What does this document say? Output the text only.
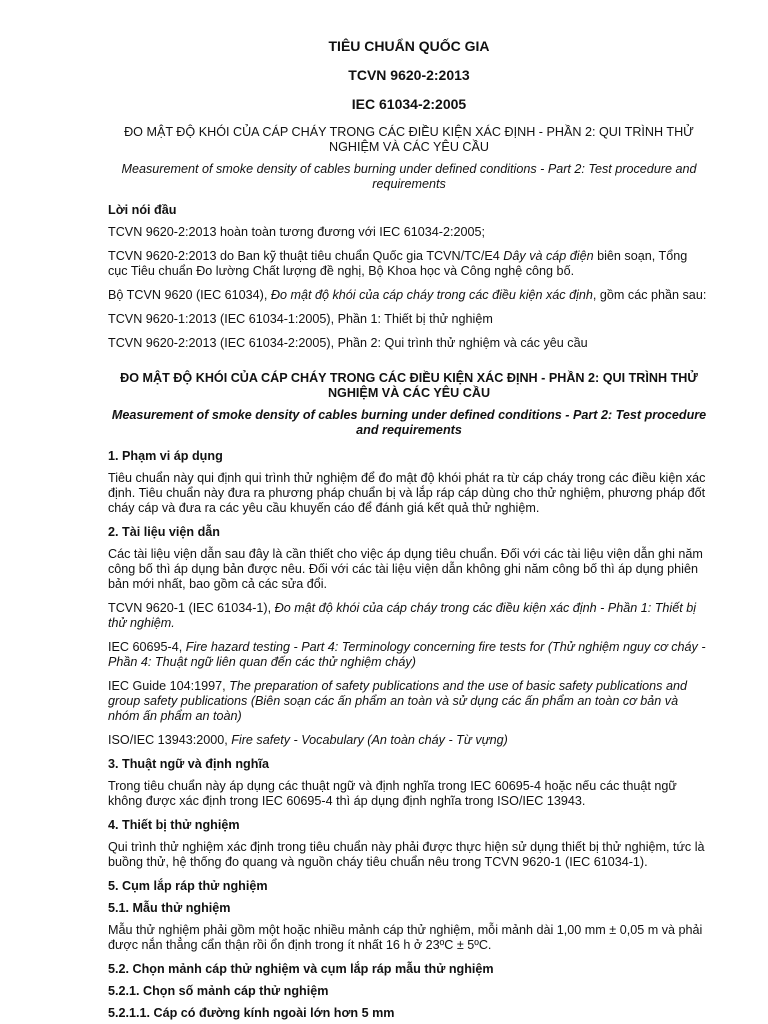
TIÊU CHUẨN QUỐC GIA
TCVN 9620-2:2013
IEC 61034-2:2005
ĐO MẬT ĐỘ KHÓI CỦA CÁP CHÁY TRONG CÁC ĐIỀU KIỆN XÁC ĐỊNH - PHẦN 2: QUI TRÌNH THỬ NGHIỆM VÀ CÁC YÊU CẦU
Measurement of smoke density of cables burning under defined conditions - Part 2: Test procedure and requirements
Lời nói đầu

TCVN 9620-2:2013 hoàn toàn tương đương với IEC 61034-2:2005;

TCVN 9620-2:2013 do Ban kỹ thuật tiêu chuẩn Quốc gia TCVN/TC/E4 Dây và cáp điện biên soạn, Tổng cục Tiêu chuẩn Đo lường Chất lượng đề nghị, Bộ Khoa học và Công nghệ công bố.

Bộ TCVN 9620 (IEC 61034), Đo mật độ khói của cáp cháy trong các điều kiện xác định, gồm các phần sau:

TCVN 9620-1:2013 (IEC 61034-1:2005), Phần 1: Thiết bị thử nghiệm

TCVN 9620-2:2013 (IEC 61034-2:2005), Phần 2: Qui trình thử nghiệm và các yêu cầu

ĐO MẬT ĐỘ KHÓI CỦA CÁP CHÁY TRONG CÁC ĐIỀU KIỆN XÁC ĐỊNH - PHẦN 2: QUI TRÌNH THỬ NGHIỆM VÀ CÁC YÊU CẦU
Measurement of smoke density of cables burning under defined conditions - Part 2: Test procedure and requirements
1. Phạm vi áp dụng

Tiêu chuẩn này qui định qui trình thử nghiệm để đo mật độ khói phát ra từ cáp cháy trong các điều kiện xác định. Tiêu chuẩn này đưa ra phương pháp chuẩn bị và lắp ráp cáp dùng cho thử nghiệm, phương pháp đốt cháy cáp và đưa ra các yêu cầu khuyến cáo để đánh giá kết quả thử nghiệm.

2. Tài liệu viện dẫn

Các tài liệu viện dẫn sau đây là cần thiết cho việc áp dụng tiêu chuẩn. Đối với các tài liệu viện dẫn ghi năm công bố thì áp dụng bản được nêu. Đối với các tài liệu viện dẫn không ghi năm công bố thì áp dụng phiên bản mới nhất, bao gồm cả các sửa đổi.

TCVN 9620-1 (IEC 61034-1), Đo mật độ khói của cáp cháy trong các điều kiện xác định - Phần 1: Thiết bị thử nghiệm.

IEC 60695-4, Fire hazard testing - Part 4: Terminology concerning fire tests for (Thử nghiệm nguy cơ cháy - Phần 4: Thuật ngữ liên quan đến các thử nghiệm cháy)

IEC Guide 104:1997, The preparation of safety publications and the use of basic safety publications and group safety publications (Biên soạn các ấn phẩm an toàn và sử dụng các ấn phẩm an toàn cơ bản và nhóm ấn phẩm an toàn)

ISO/IEC 13943:2000, Fire safety - Vocabulary (An toàn cháy - Từ vựng)

3. Thuật ngữ và định nghĩa

Trong tiêu chuẩn này áp dụng các thuật ngữ và định nghĩa trong IEC 60695-4 hoặc nếu các thuật ngữ không được xác định trong IEC 60695-4 thì áp dụng định nghĩa trong ISO/IEC 13943.

4. Thiết bị thử nghiệm

Qui trình thử nghiệm xác định trong tiêu chuẩn này phải được thực hiện sử dụng thiết bị thử nghiệm, tức là buồng thử, hệ thống đo quang và nguồn cháy tiêu chuẩn nêu trong TCVN 9620-1 (IEC 61034-1).

5. Cụm lắp ráp thử nghiệm
5.1. Mẫu thử nghiệm

Mẫu thử nghiệm phải gồm một hoặc nhiều mảnh cáp thử nghiệm, mỗi mảnh dài 1,00 mm ± 0,05 m và phải được nắn thẳng cẩn thận rồi ổn định trong ít nhất 16 h ở 23ºC ± 5ºC.

5.2. Chọn mảnh cáp thử nghiệm và cụm lắp ráp mẫu thử nghiệm
5.2.1. Chọn số mảnh cáp thử nghiệm
5.2.1.1. Cáp có đường kính ngoài lớn hơn 5 mm
